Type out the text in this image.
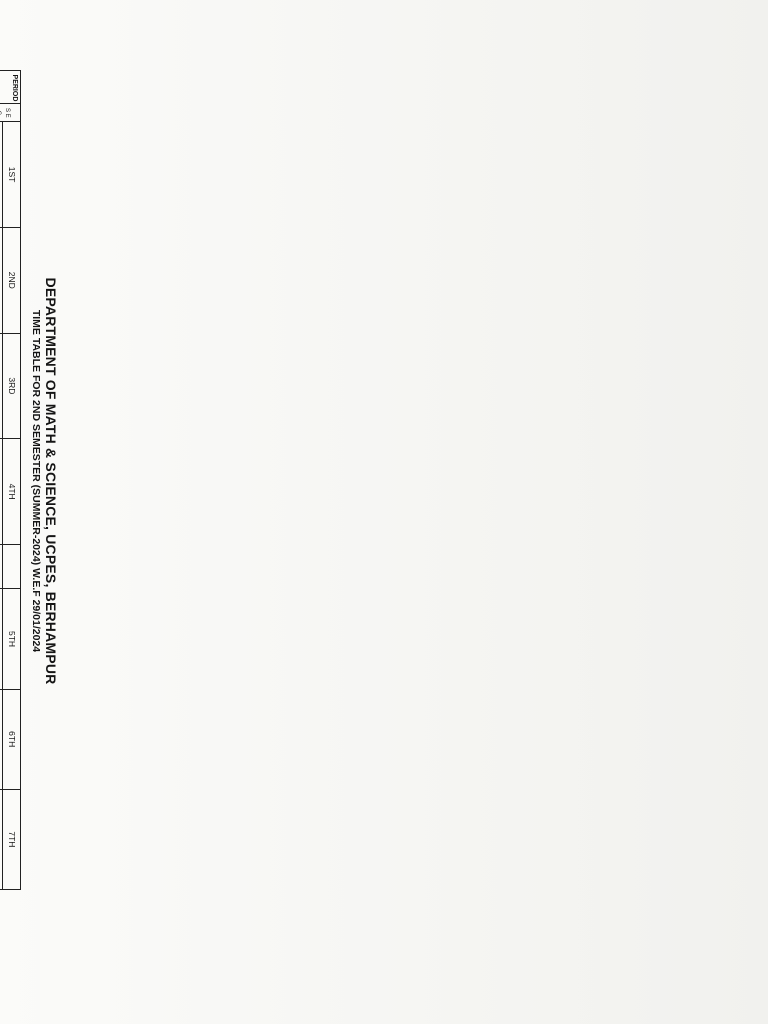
DEPARTMENT OF MATH & SCIENCE, UCPES, BERHAMPUR
TIME TABLE FOR 2ND SEMESTER (SUMMER-2024) W.E.F 29/01/2024
PERIOD	S E	1ST	2ND	3RD	4TH		5TH	6TH	7TH
